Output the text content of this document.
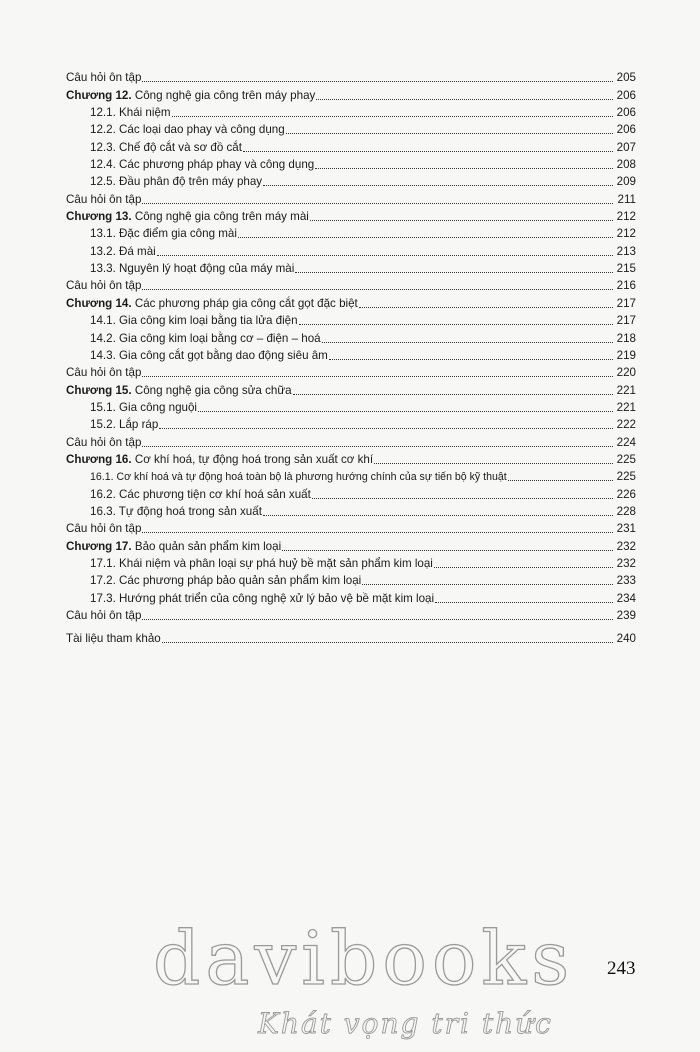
Câu hỏi ôn tập	205
Chương 12. Công nghệ gia công trên máy phay	206
12.1. Khái niệm	206
12.2. Các loại dao phay và công dụng	206
12.3. Chế độ cắt và sơ đồ cắt	207
12.4. Các phương pháp phay và công dụng	208
12.5. Đầu phân độ trên máy phay	209
Câu hỏi ôn tập	211
Chương 13. Công nghệ gia công trên máy mài	212
13.1. Đặc điểm gia công mài	212
13.2. Đá mài	213
13.3. Nguyên lý hoạt động của máy mài	215
Câu hỏi ôn tập	216
Chương 14. Các phương pháp gia công cắt gọt đặc biệt	217
14.1. Gia công kim loại bằng tia lửa điện	217
14.2. Gia công kim loại bằng cơ – điện – hoá	218
14.3. Gia công cắt gọt bằng dao động siêu âm	219
Câu hỏi ôn tập	220
Chương 15. Công nghệ gia công sửa chữa	221
15.1. Gia công nguội	221
15.2. Lắp ráp	222
Câu hỏi ôn tập	224
Chương 16. Cơ khí hoá, tự động hoá trong sản xuất cơ khí	225
16.1. Cơ khí hoá và tự động hoá toàn bộ là phương hướng chính của sự tiến bộ kỹ thuật	225
16.2. Các phương tiện cơ khí hoá sản xuất	226
16.3. Tự động hoá trong sản xuất	228
Câu hỏi ôn tập	231
Chương 17. Bảo quản sản phẩm kim loại	232
17.1. Khái niệm và phân loại sự phá huỷ bề mặt sản phẩm kim loại	232
17.2. Các phương pháp bảo quản sản phẩm kim loại	233
17.3. Hướng phát triển của công nghệ xử lý bảo vệ bề mặt kim loại	234
Câu hỏi ôn tập	239
Tài liệu tham khảo	240
243
davibooks
Khát vọng tri thức
